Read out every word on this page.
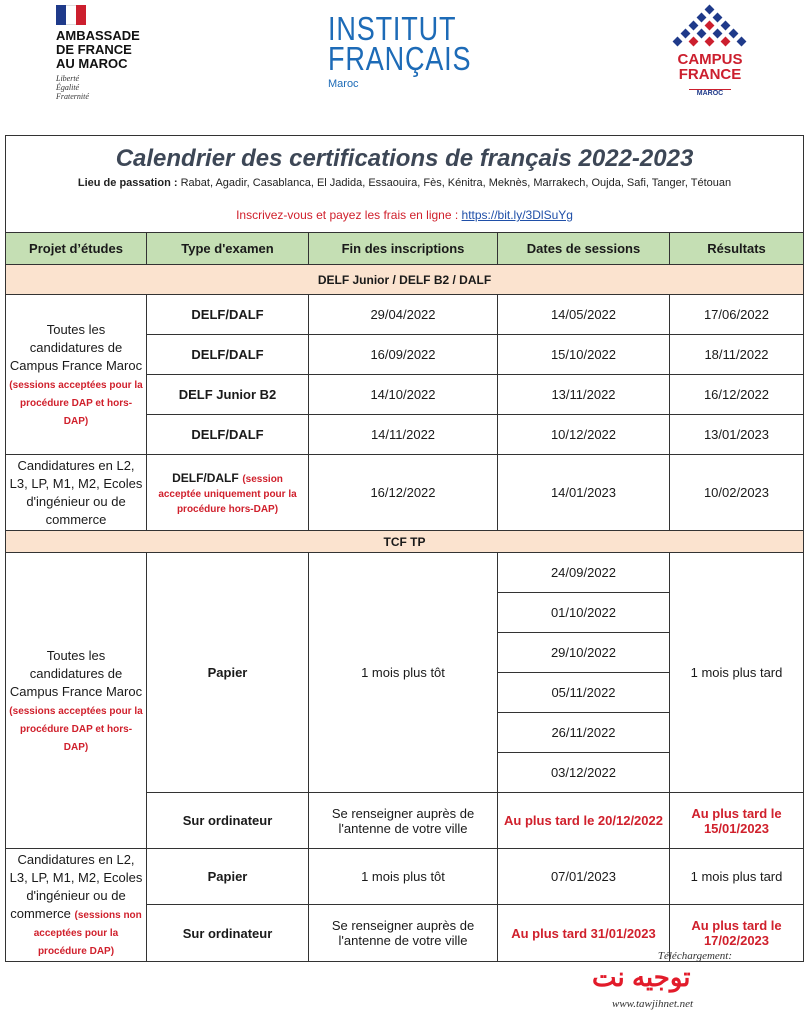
AMBASSADE
DE FRANCE
AU MAROC
Liberté
Égalité
Fraternité
INSTITUT
FRANÇAIS
Maroc
CAMPUS
FRANCE
MAROC
Calendrier des certifications de français 2022-2023
Lieu de passation : Rabat, Agadir, Casablanca, El Jadida, Essaouira, Fès, Kénitra, Meknès, Marrakech, Oujda, Safi, Tanger, Tétouan
Inscrivez-vous et payez les frais en ligne : https://bit.ly/3DlSuYg				

Projet d’études	Type d'examen	Fin des inscriptions	Dates de sessions	Résultats
DELF Junior / DELF B2 / DALF				
Toutes les candidatures de Campus France Maroc (sessions acceptées pour la procédure DAP et hors-DAP)	DELF/DALF	29/04/2022	14/05/2022	17/06/2022
	DELF/DALF	16/09/2022	15/10/2022	18/11/2022
	DELF Junior B2	14/10/2022	13/11/2022	16/12/2022
	DELF/DALF	14/11/2022	10/12/2022	13/01/2023
Candidatures en L2, L3, LP, M1, M2, Ecoles d'ingénieur ou de commerce	DELF/DALF (session acceptée uniquement pour la procédure hors-DAP)	16/12/2022	14/01/2023	10/02/2023
TCF TP				
Toutes les candidatures de Campus France Maroc (sessions acceptées pour la procédure DAP et hors-DAP)	Papier	1 mois plus tôt	24/09/2022	1 mois plus tard
			01/10/2022	
			29/10/2022	
			05/11/2022	
			26/11/2022	
			03/12/2022	
	Sur ordinateur	Se renseigner auprès de l'antenne de votre ville	Au plus tard le 20/12/2022	Au plus tard le 15/01/2023
Candidatures en L2, L3, LP, M1, M2, Ecoles d'ingénieur ou de commerce (sessions non acceptées pour la procédure DAP)	Papier	1 mois plus tôt	07/01/2023	1 mois plus tard
	Sur ordinateur	Se renseigner auprès de l'antenne de votre ville	Au plus tard 31/01/2023	Au plus tard le 17/02/2023
Téléchargement:
توجيه نت
www.tawjihnet.net
